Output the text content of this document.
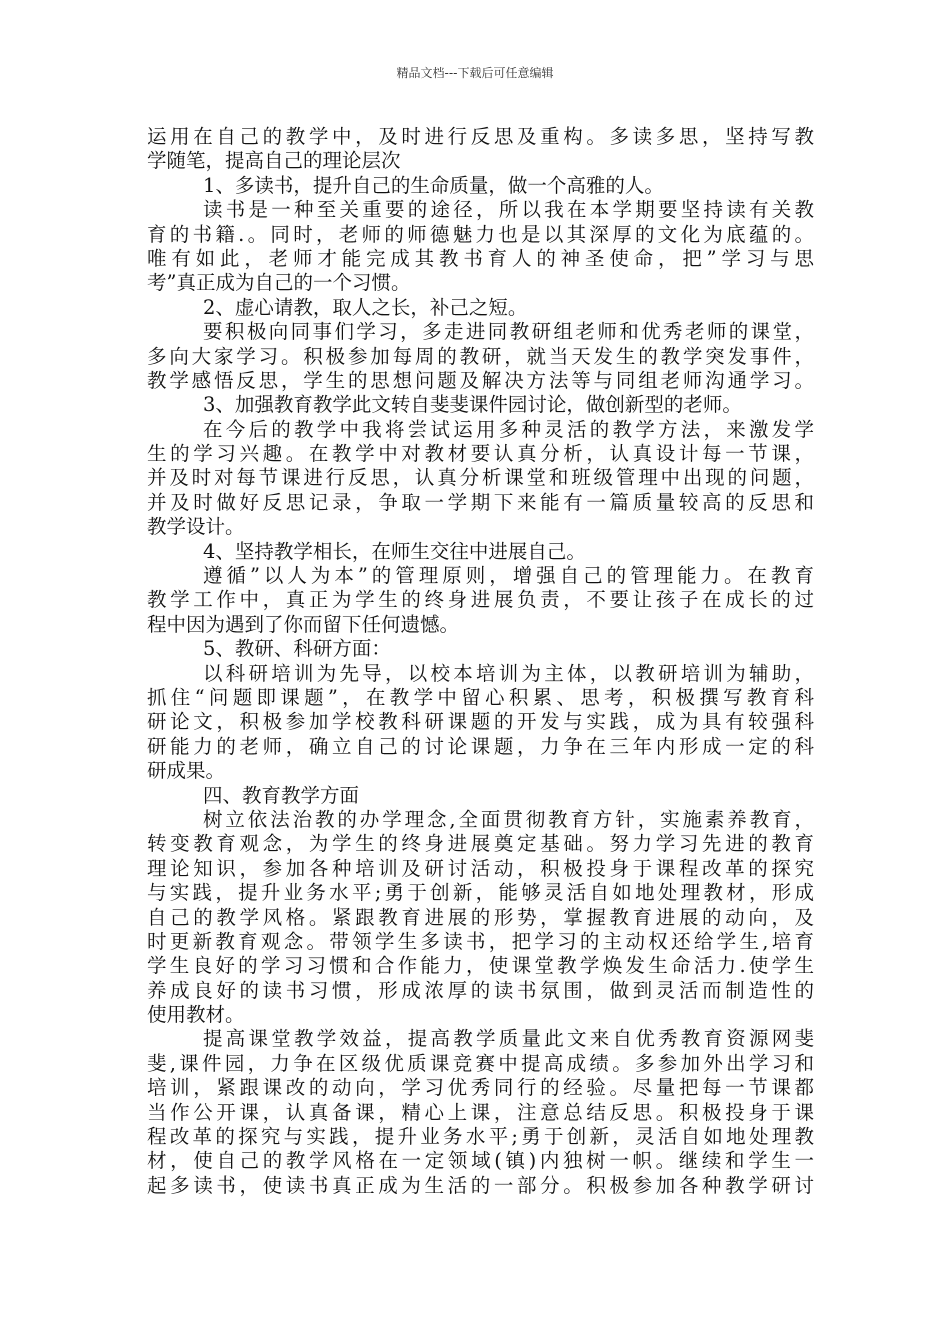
精品文档---下载后可任意编辑
运用在自己的教学中，及时进行反思及重构。多读多思，坚持写教
学随笔，提高自己的理论层次
1、多读书，提升自己的生命质量，做一个高雅的人。
读书是一种至关重要的途径，所以我在本学期要坚持读有关教
育的书籍.。同时，老师的师德魅力也是以其深厚的文化为底蕴的。
唯有如此，老师才能完成其教书育人的神圣使命，把”学习与思
考”真正成为自己的一个习惯。
2、虚心请教，取人之长，补己之短。
要积极向同事们学习，多走进同教研组老师和优秀老师的课堂，
多向大家学习。积极参加每周的教研，就当天发生的教学突发事件，
教学感悟反思，学生的思想问题及解决方法等与同组老师沟通学习。
3、加强教育教学此文转自斐斐课件园讨论，做创新型的老师。
在今后的教学中我将尝试运用多种灵活的教学方法，来激发学
生的学习兴趣。在教学中对教材要认真分析，认真设计每一节课，
并及时对每节课进行反思，认真分析课堂和班级管理中出现的问题，
并及时做好反思记录，争取一学期下来能有一篇质量较高的反思和
教学设计。
4、坚持教学相长，在师生交往中进展自己。
遵循”以人为本”的管理原则，增强自己的管理能力。在教育
教学工作中，真正为学生的终身进展负责，不要让孩子在成长的过
程中因为遇到了你而留下任何遗憾。
5、教研、科研方面：
以科研培训为先导，以校本培训为主体，以教研培训为辅助，
抓住“问题即课题”，在教学中留心积累、思考，积极撰写教育科
研论文，积极参加学校教科研课题的开发与实践，成为具有较强科
研能力的老师，确立自己的讨论课题，力争在三年内形成一定的科
研成果。
四、教育教学方面
树立依法治教的办学理念,全面贯彻教育方针，实施素养教育，
转变教育观念，为学生的终身进展奠定基础。努力学习先进的教育
理论知识，参加各种培训及研讨活动，积极投身于课程改革的探究
与实践，提升业务水平;勇于创新，能够灵活自如地处理教材，形成
自己的教学风格。紧跟教育进展的形势，掌握教育进展的动向，及
时更新教育观念。带领学生多读书，把学习的主动权还给学生,培育
学生良好的学习习惯和合作能力，使课堂教学焕发生命活力.使学生
养成良好的读书习惯，形成浓厚的读书氛围，做到灵活而制造性的
使用教材。
提高课堂教学效益，提高教学质量此文来自优秀教育资源网斐
斐,课件园，力争在区级优质课竞赛中提高成绩。多参加外出学习和
培训，紧跟课改的动向，学习优秀同行的经验。尽量把每一节课都
当作公开课，认真备课，精心上课，注意总结反思。积极投身于课
程改革的探究与实践，提升业务水平;勇于创新，灵活自如地处理教
材，使自己的教学风格在一定领域(镇)内独树一帜。继续和学生一
起多读书，使读书真正成为生活的一部分。积极参加各种教学研讨
